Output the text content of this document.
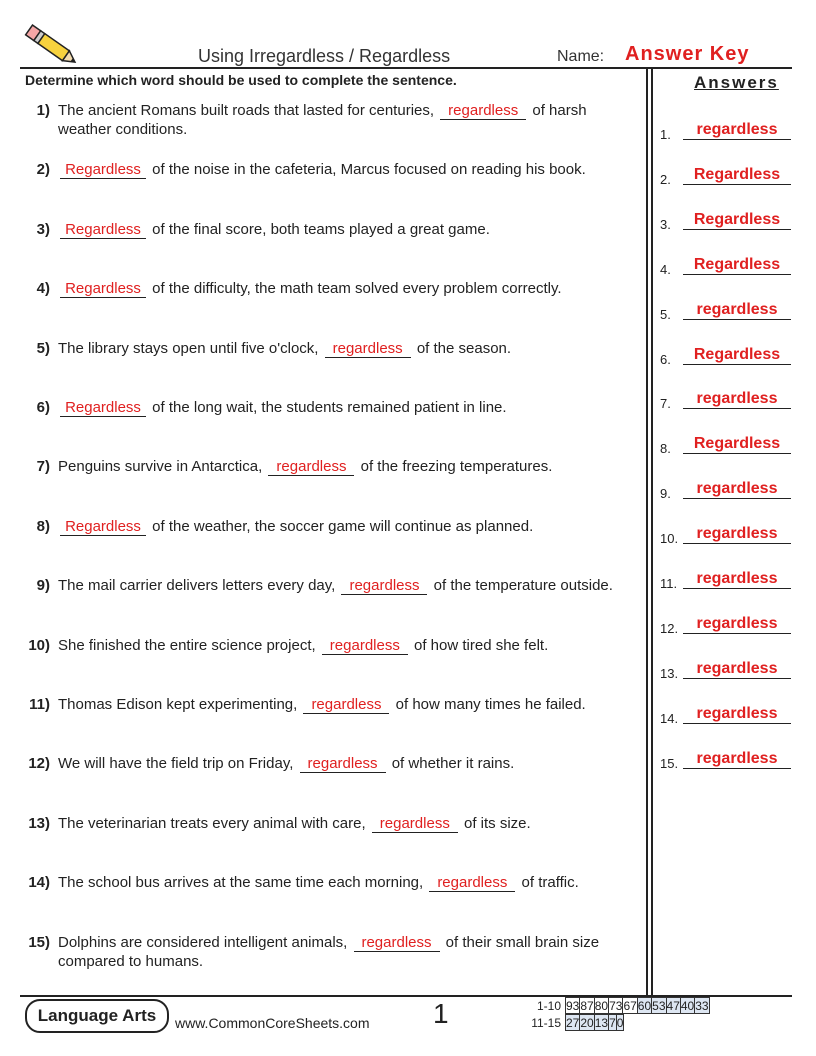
Using Irregardless / Regardless	Name: Answer Key
Determine which word should be used to complete the sentence.	Answers
1) The ancient Romans built roads that lasted for centuries, regardless of harsh weather conditions.
2)	Regardless of the noise in the cafeteria, Marcus focused on reading his book.
3)	Regardless of the final score, both teams played a great game.
4)	Regardless of the difficulty, the math team solved every problem correctly.
5) The library stays open until five o'clock, regardless of the season.
6)	Regardless of the long wait, the students remained patient in line.
7) Penguins survive in Antarctica, regardless of the freezing temperatures.
8)	Regardless of the weather, the soccer game will continue as planned.
9) The mail carrier delivers letters every day, regardless of the temperature outside.
10) She finished the entire science project, regardless of how tired she felt.
11) Thomas Edison kept experimenting, regardless of how many times he failed.
12) We will have the field trip on Friday, regardless of whether it rains.
13) The veterinarian treats every animal with care, regardless of its size.
14) The school bus arrives at the same time each morning, regardless of traffic.
15) Dolphins are considered intelligent animals, regardless of their small brain size compared to humans.
1.	regardless
2.	Regardless
3.	Regardless
4.	Regardless
5.	regardless
6.	Regardless
7.	regardless
8.	Regardless
9.	regardless
10.	regardless
11.	regardless
12.	regardless
13.	regardless
14.	regardless
15.	regardless
Language Arts	www.CommonCoreSheets.com 1	1-10 93	87	80	73	67	60	53	47	40	33
11-15 27	20	13	7	0
